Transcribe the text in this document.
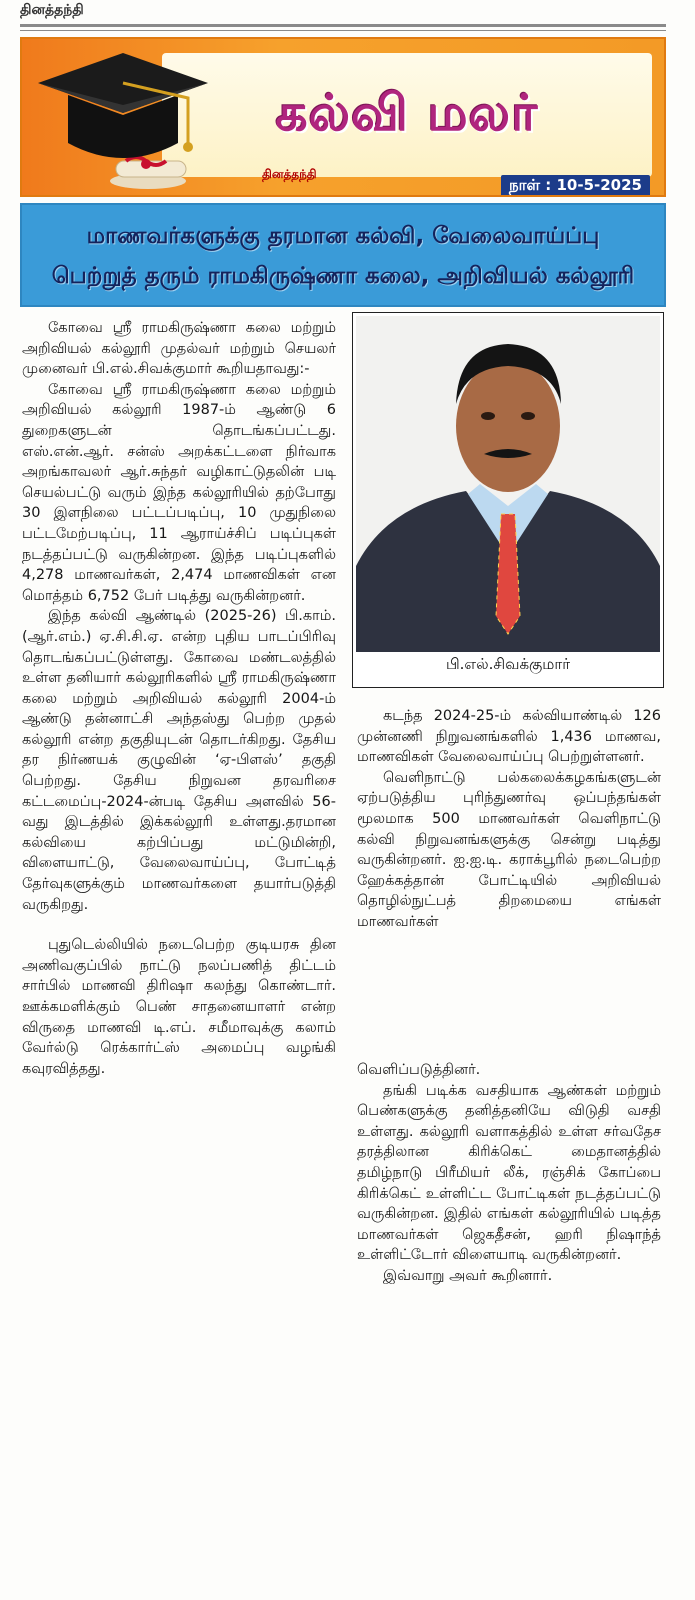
தினத்தந்தி
கல்வி மலர்
தினத்தந்தி
நாள் : 10-5-2025
மாணவர்களுக்கு தரமான கல்வி, வேலைவாய்ப்பு
பெற்றுத் தரும் ராமகிருஷ்ணா கலை, அறிவியல் கல்லூரி
பி.எல்.சிவக்குமார்

கோவை ஸ்ரீ ராமகிருஷ்ணா கலை மற்றும் அறிவியல் கல்லூரி முதல்வர் மற்றும் செயலர் முனைவர் பி.எல்.சிவக்குமார் கூறியதாவது:-

கோவை ஸ்ரீ ராமகிருஷ்ணா கலை மற்றும் அறிவியல் கல்லூரி 1987-ம் ஆண்டு 6 துறைகளுடன் தொடங்கப்பட்டது. எஸ்.என்.ஆர். சன்ஸ் அறக்கட்டளை நிர்வாக அறங்காவலர் ஆர்.சுந்தர் வழிகாட்டுதலின் படி செயல்பட்டு வரும் இந்த கல்லூரியில் தற்போது 30 இளநிலை பட்டப்படிப்பு, 10 முதுநிலை பட்டமேற்படிப்பு, 11 ஆராய்ச்சிப் படிப்புகள் நடத்தப்பட்டு வருகின்றன. இந்த படிப்புகளில் 4,278 மாணவர்கள், 2,474 மாணவிகள் என மொத்தம் 6,752 பேர் படித்து வருகின்றனர்.

இந்த கல்வி ஆண்டில் (2025-26) பி.காம். (ஆர்.எம்.) ஏ.சி.சி.ஏ. என்ற புதிய பாடப்பிரிவு தொடங்கப்பட்டுள்ளது. கோவை மண்டலத்தில் உள்ள தனியார் கல்லூரிகளில் ஸ்ரீ ராமகிருஷ்ணா கலை மற்றும் அறிவியல் கல்லூரி 2004-ம் ஆண்டு தன்னாட்சி அந்தஸ்து பெற்ற முதல் கல்லூரி என்ற தகுதியுடன் தொடர்கிறது. தேசிய தர நிர்ணயக் குழுவின் ‘ஏ-பிளஸ்’ தகுதி பெற்றது. தேசிய நிறுவன தரவரிசை கட்டமைப்பு-2024-ன்படி தேசிய அளவில் 56-வது இடத்தில் இக்கல்லூரி உள்ளது.தரமான கல்வியை கற்பிப்பது மட்டுமின்றி, விளையாட்டு, வேலைவாய்ப்பு, போட்டித் தேர்வுகளுக்கும் மாணவர்களை தயார்படுத்தி வருகிறது.

புதுடெல்லியில் நடைபெற்ற குடியரசு தின அணிவகுப்பில் நாட்டு நலப்பணித் திட்டம் சார்பில் மாணவி திரிஷா கலந்து கொண்டார். ஊக்கமளிக்கும் பெண் சாதனையாளர் என்ற விருதை மாணவி டி.எப். சமீமாவுக்கு கலாம் வேர்ல்டு ரெக்கார்ட்ஸ் அமைப்பு வழங்கி கவுரவித்தது.

கடந்த 2024-25-ம் கல்வியாண்டில் 126 முன்னணி நிறுவனங்களில் 1,436 மாணவ, மாணவிகள் வேலைவாய்ப்பு பெற்றுள்ளனர்.

வெளிநாட்டு பல்கலைக்கழகங்களுடன் ஏற்படுத்திய புரிந்துணர்வு ஒப்பந்தங்கள் மூலமாக 500 மாணவர்கள் வெளிநாட்டு கல்வி நிறுவனங்களுக்கு சென்று படித்து வருகின்றனர். ஐ.ஐ.டி. கராக்பூரில் நடைபெற்ற ஹேக்கத்தான் போட்டியில் அறிவியல் தொழில்நுட்பத் திறமையை எங்கள் மாணவர்கள்

வெளிப்படுத்தினர்.

தங்கி படிக்க வசதியாக ஆண்கள் மற்றும் பெண்களுக்கு தனித்தனியே விடுதி வசதி உள்ளது. கல்லூரி வளாகத்தில் உள்ள சர்வதேச தரத்திலான கிரிக்கெட் மைதானத்தில் தமிழ்நாடு பிரீமியர் லீக், ரஞ்சிக் கோப்பை கிரிக்கெட் உள்ளிட்ட போட்டிகள் நடத்தப்பட்டு வருகின்றன. இதில் எங்கள் கல்லூரியில் படித்த மாணவர்கள் ஜெகதீசன், ஹரி நிஷாந்த் உள்ளிட்டோர் விளையாடி வருகின்றனர்.

இவ்வாறு அவர் கூறினார்.
